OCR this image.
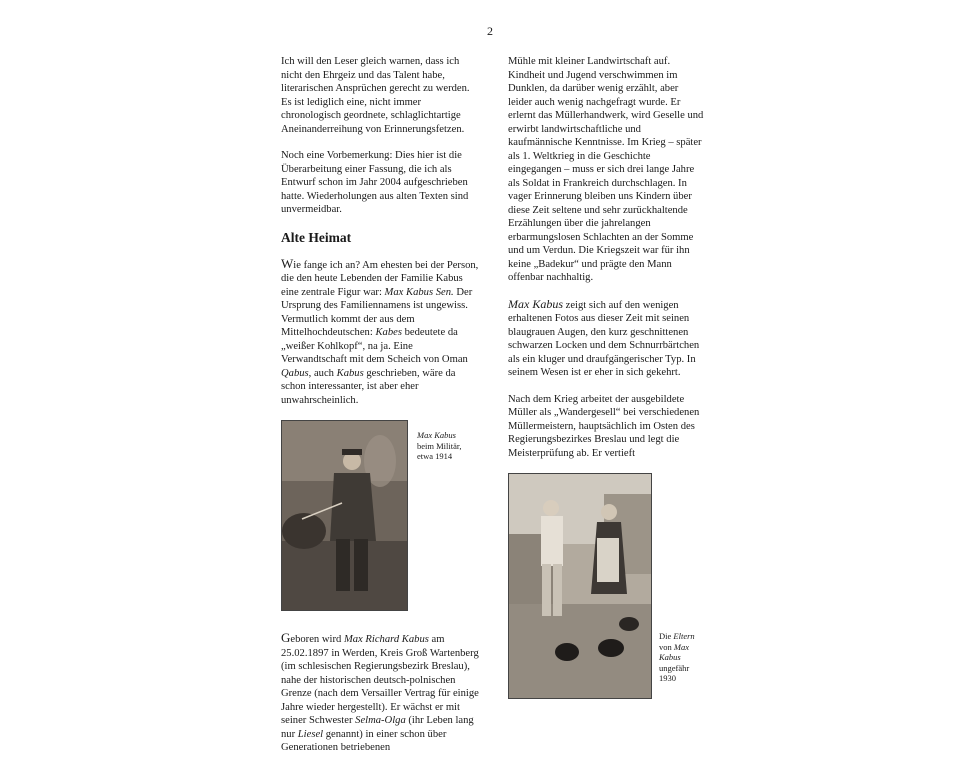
2

Ich will den Leser gleich warnen, dass ich nicht den Ehrgeiz und das Talent habe, literarischen Ansprüchen gerecht zu werden. Es ist lediglich eine, nicht immer chronologisch geordnete, schlaglichtartige Aneinanderreihung von Erinnerungsfetzen.

Noch eine Vorbemerkung: Dies hier ist die Überarbeitung einer Fassung, die ich als Entwurf schon im Jahr 2004 aufgeschrieben hatte. Wiederholungen aus alten Texten sind unvermeidbar.

Alte Heimat

Wie fange ich an? Am ehesten bei der Person, die den heute Lebenden der Familie Kabus eine zentrale Figur war: Max Kabus Sen. Der Ursprung des Familiennamens ist ungewiss. Vermutlich kommt der aus dem Mittelhochdeutschen: Kabes bedeutete da „weißer Kohlkopf“, na ja. Eine Verwandtschaft mit dem Scheich von Oman Qabus, auch Kabus geschrieben, wäre da schon interessanter, ist aber eher unwahrscheinlich.

Max Kabus beim Militär, etwa 1914

Geboren wird Max Richard Kabus am 25.02.1897 in Werden, Kreis Groß Wartenberg (im schlesischen Regierungsbezirk Breslau), nahe der historischen deutsch-polnischen Grenze (nach dem Versailler Vertrag für einige Jahre wieder hergestellt). Er wächst er mit seiner Schwester Selma-Olga (ihr Leben lang nur Liesel genannt) in einer schon über Generationen betriebenen

Mühle mit kleiner Landwirtschaft auf. Kindheit und Jugend verschwimmen im Dunklen, da darüber wenig erzählt, aber leider auch wenig nachgefragt wurde. Er erlernt das Müllerhandwerk, wird Geselle und erwirbt landwirtschaftliche und kaufmännische Kenntnisse. Im Krieg – später als 1. Weltkrieg in die Geschichte eingegangen – muss er sich drei lange Jahre als Soldat in Frankreich durchschlagen. In vager Erinnerung bleiben uns Kindern über diese Zeit seltene und sehr zurückhaltende Erzählungen über die jahrelangen erbarmungslosen Schlachten an der Somme und um Verdun. Die Kriegszeit war für ihn keine „Badekur“ und prägte den Mann offenbar nachhaltig.

Max Kabus zeigt sich auf den wenigen erhaltenen Fotos aus dieser Zeit mit seinen blaugrauen Augen, den kurz geschnittenen schwarzen Locken und dem Schnurrbärtchen als ein kluger und draufgängerischer Typ. In seinem Wesen ist er eher in sich gekehrt.

Nach dem Krieg arbeitet der ausgebildete Müller als „Wandergesell“ bei verschiedenen Müllermeistern, hauptsächlich im Osten des Regierungsbezirkes Breslau und legt die Meisterprüfung ab. Er vertieft

Die Eltern von Max Kabus ungefähr 1930
